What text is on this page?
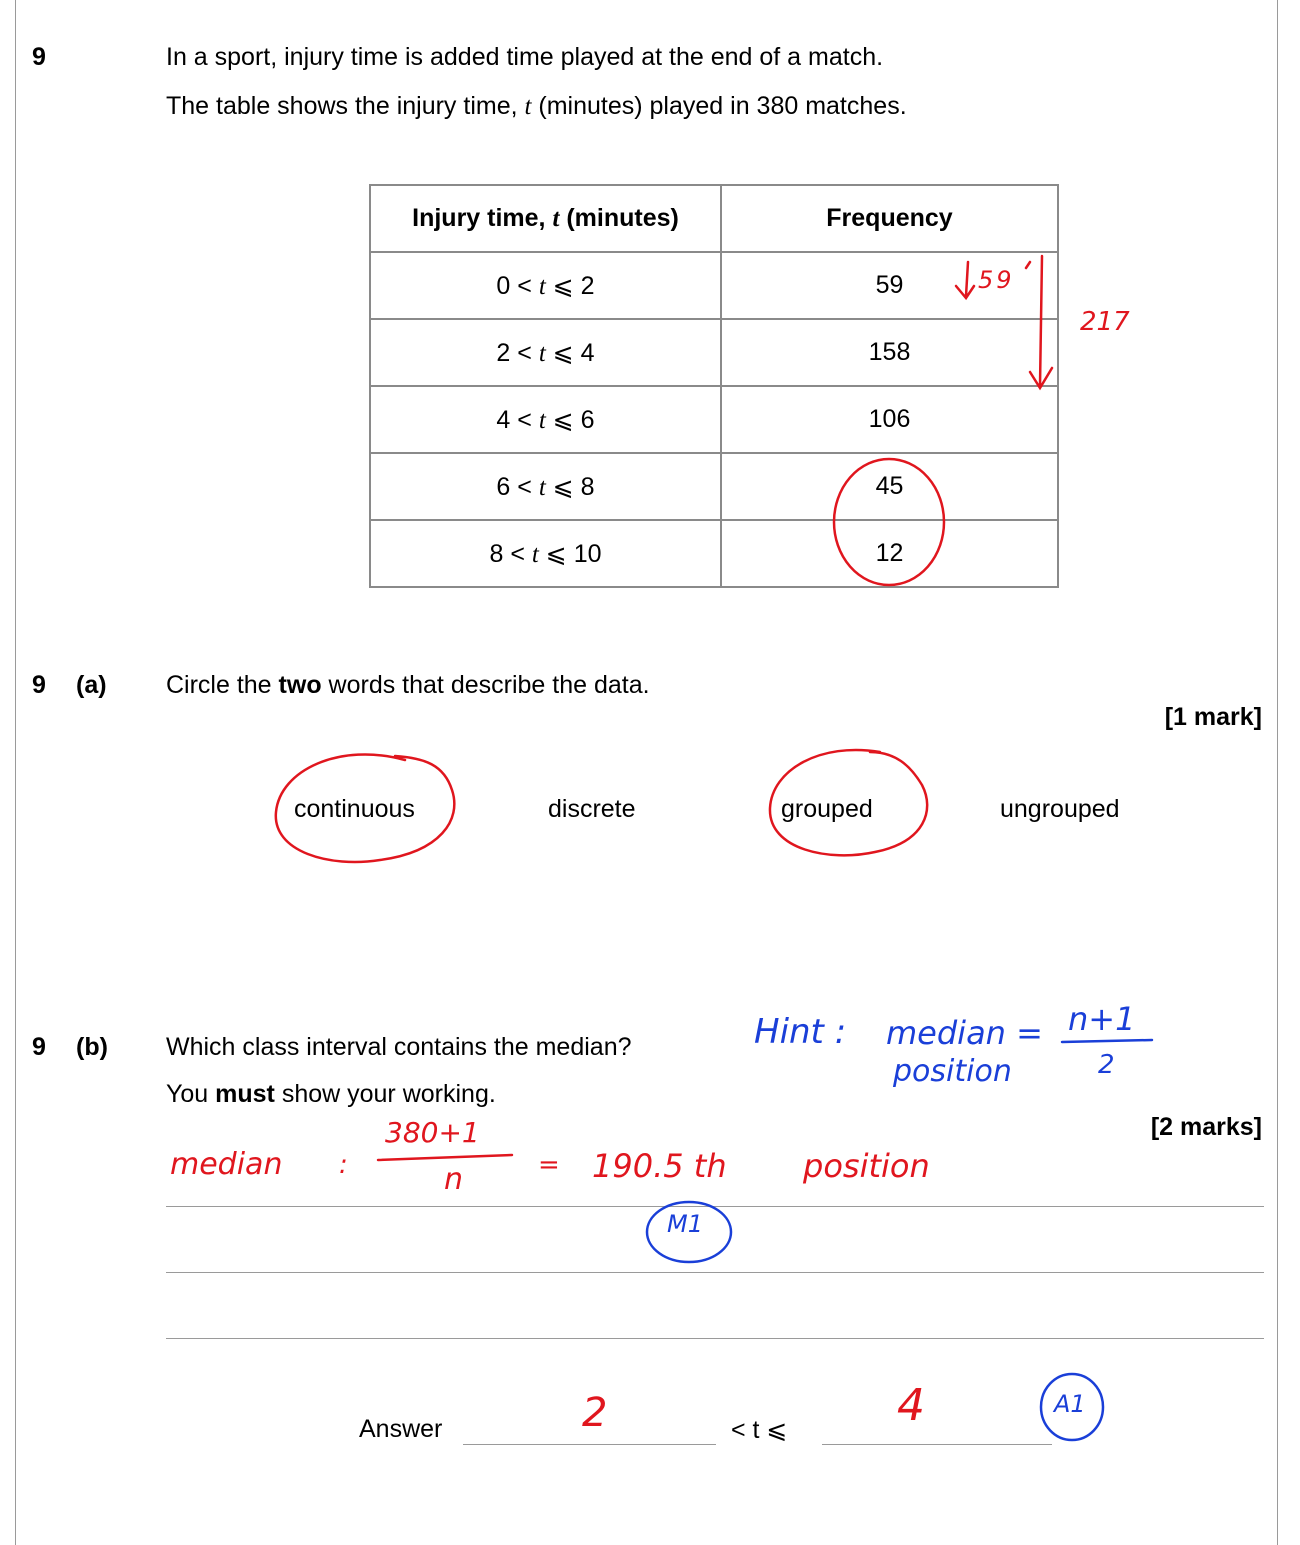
9	In a sport, injury time is added time played at the end of a match.
The table shows the injury time, t (minutes) played in 380 matches.
Injury time, t (minutes)	Frequency
0 < t ⩽ 2	59
2 < t ⩽ 4	158
4 < t ⩽ 6	106
6 < t ⩽ 8	45
8 < t ⩽ 10	12
9 (a) Circle the two words that describe the data.
[1 mark]
continuous	discrete	grouped	ungrouped
9 (b) Which class interval contains the median?
You must show your working.
[2 marks]
Answer	< t ⩽
59
217
median :
380+1
n	= 190.5 th position
2	4
Hint : median =
position
n+1
2
M1
A1
